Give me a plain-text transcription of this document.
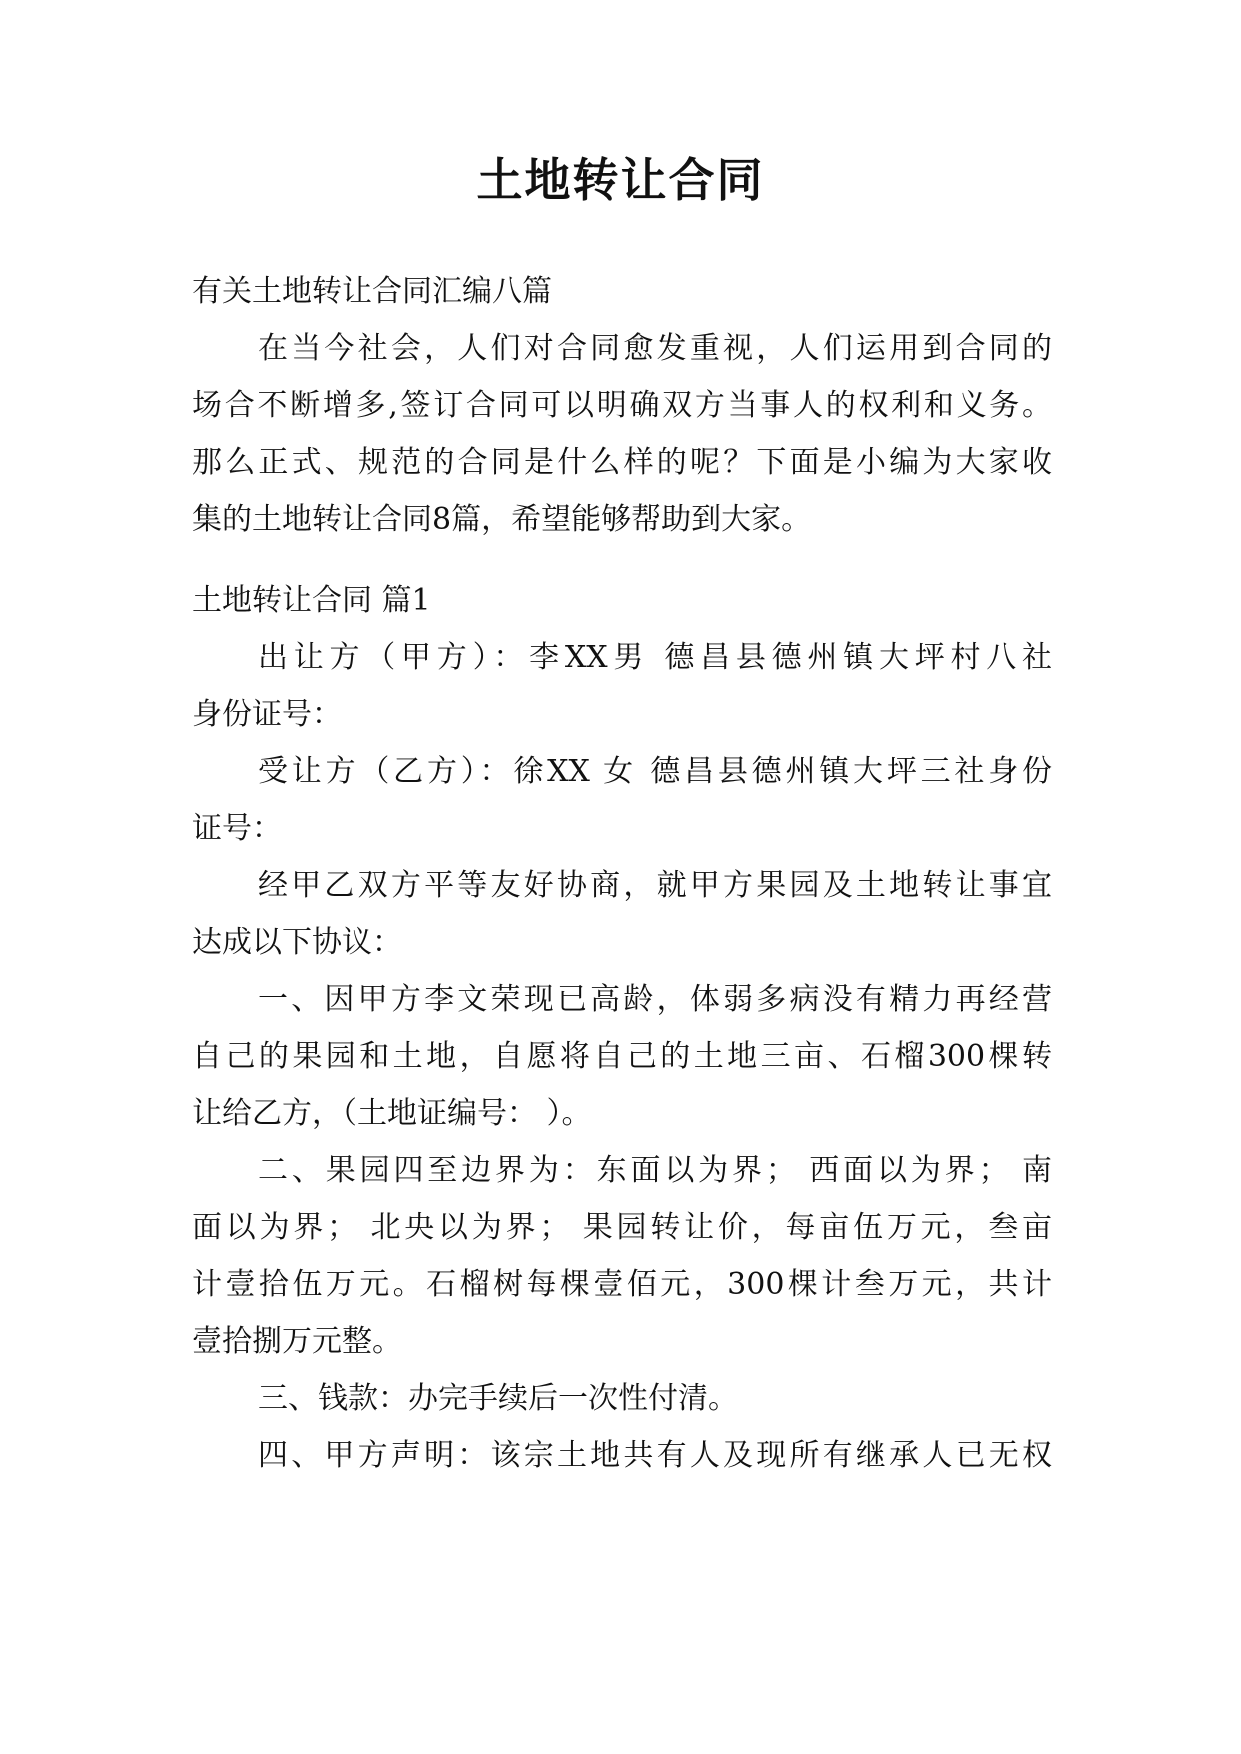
土地转让合同

有关土地转让合同汇编八篇

在当今社会，人们对合同愈发重视，人们运用到合同的

场合不断增多,签订合同可以明确双方当事人的权利和义务。

那么正式、规范的合同是什么样的呢？下面是小编为大家收

集的土地转让合同8篇，希望能够帮助到大家。

土地转让合同 篇1

出让方（甲方）：李XX男 德昌县德州镇大坪村八社

身份证号：

受让方（乙方）：徐XX 女 德昌县德州镇大坪三社身份

证号：

经甲乙双方平等友好协商，就甲方果园及土地转让事宜

达成以下协议：

一、因甲方李文荣现已高龄，体弱多病没有精力再经营

自己的果园和土地，自愿将自己的土地三亩、石榴300棵转

让给乙方，（土地证编号： ）。

二、果园四至边界为：东面以为界； 西面以为界； 南

面以为界； 北央以为界； 果园转让价，每亩伍万元，叁亩

计壹拾伍万元。石榴树每棵壹佰元，300棵计叁万元，共计

壹拾捌万元整。

三、钱款：办完手续后一次性付清。

四、甲方声明：该宗土地共有人及现所有继承人已无权
